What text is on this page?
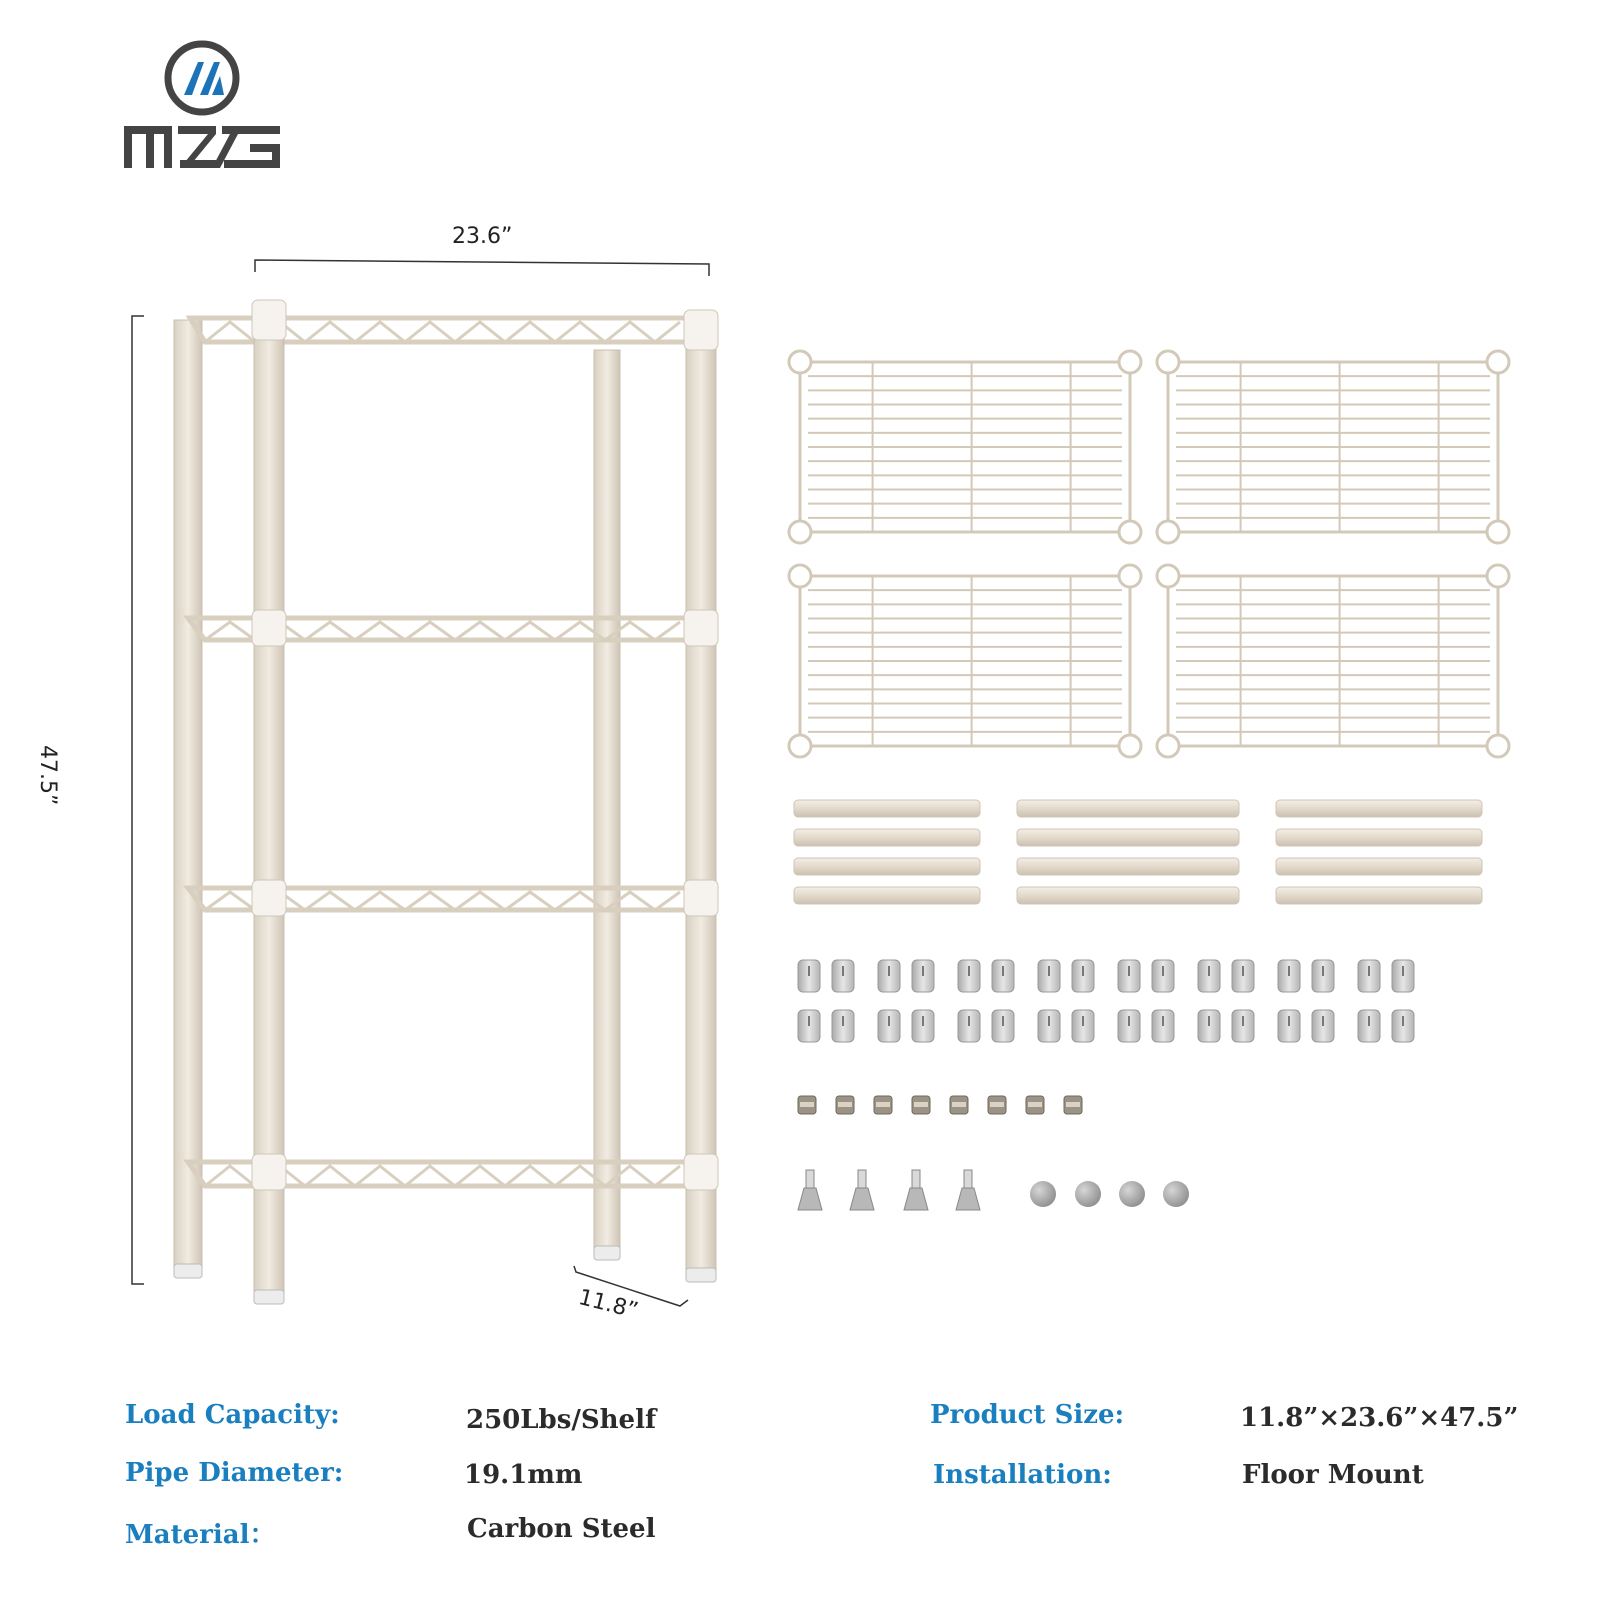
23.6”
47.5”
11.8”
Load Capacity:	250Lbs/Shelf
Pipe Diameter:	19.1mm
Material：	Carbon Steel
Product Size:	11.8”×23.6”×47.5”
Installation:	Floor Mount
